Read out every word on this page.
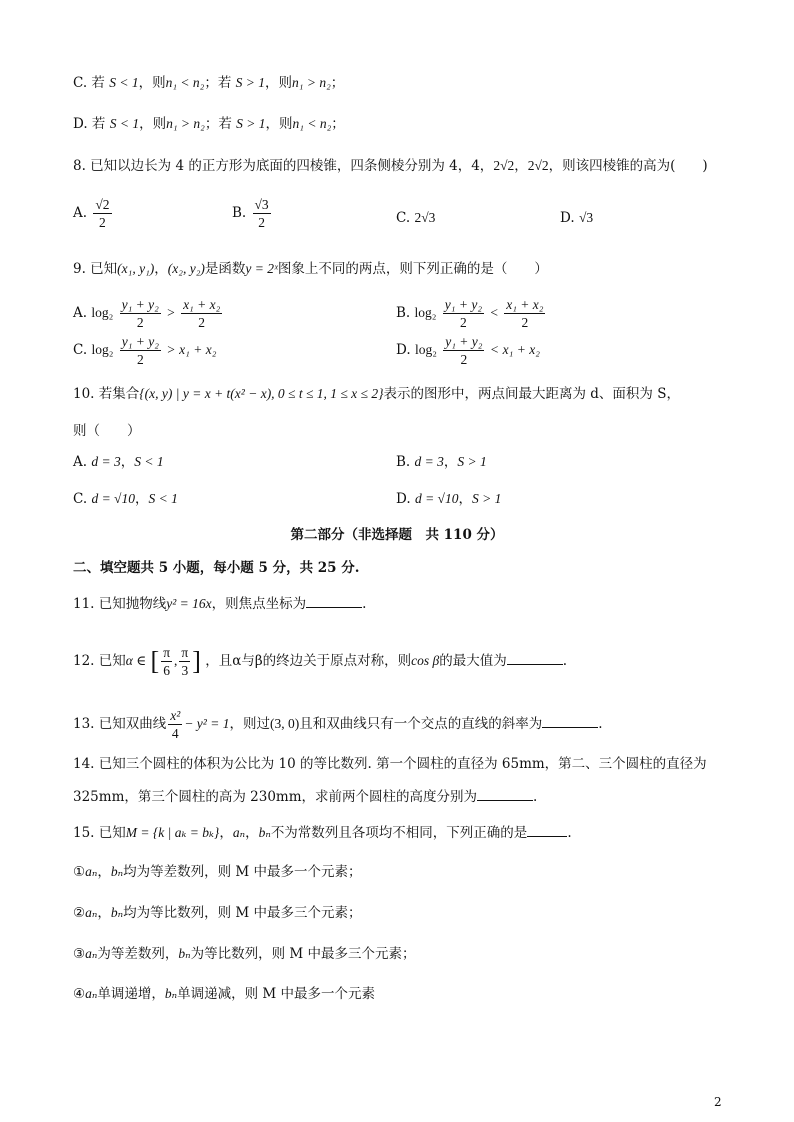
C. 若 S < 1，则n₁ < n₂；若 S > 1，则n₁ > n₂；
D. 若 S < 1，则n₁ > n₂；若 S > 1，则n₁ < n₂；
8. 已知以边长为 4 的正方形为底面的四棱锥，四条侧棱分别为 4，4，2√2，2√2，则该四棱锥的高为(　　)
A. $\frac{√2}{2}$	B. $\frac{√3}{2}$	C. 2√3	D. √3
9. 已知(x₁, y₁)，(x₂, y₂)是函数y = 2ˣ图象上不同的两点，则下列正确的是（　　）
A. $\log_2 \frac{\text{y₁ + y₂}}{2} > \frac{\text{x₁ + x₂}}{2}$	B. $\log_2 \frac{\text{y₁ + y₂}}{2} < \frac{\text{x₁ + x₂}}{2}$
C. $\log_2 \frac{\text{y₁ + y₂}}{2} > x_1 + x_2$	D. $\log_2 \frac{\text{y₁ + y₂}}{2} < x_1 + x_2$
10. 若集合{(x, y) | y = x + t(x² − x), 0 ≤ t ≤ 1, 1 ≤ x ≤ 2}表示的图形中，两点间最大距离为 d、面积为 S，
则（　　）
A. d = 3，S < 1	B. d = 3，S > 1
C. d = √10，S < 1	D. d = √10，S > 1
第二部分（非选择题　共 110 分）
二、填空题共 5 小题，每小题 5 分，共 25 分.
11. 已知抛物线y² = 16x，则焦点坐标为	.
12. 已知α ∈ [ $\frac{\pi}{6}$ , $\frac{\pi}{3}$ ] ，且α与β的终边关于原点对称，则cos β的最大值为	.
13. 已知双曲线 $\frac{\text{x²}}{4} - y^2 = 1$，则过(3, 0)且和双曲线只有一个交点的直线的斜率为	.
14. 已知三个圆柱的体积为公比为 10 的等比数列. 第一个圆柱的直径为 65mm，第二、三个圆柱的直径为
325mm，第三个圆柱的高为 230mm，求前两个圆柱的高度分别为	.
15. 已知M = {k | aₖ = bₖ}，aₙ，bₙ不为常数列且各项均不相同，下列正确的是	.
①aₙ，bₙ均为等差数列，则 M 中最多一个元素；
②aₙ，bₙ均为等比数列，则 M 中最多三个元素；
③aₙ为等差数列，bₙ为等比数列，则 M 中最多三个元素；
④aₙ单调递增，bₙ单调递减，则 M 中最多一个元素
2
